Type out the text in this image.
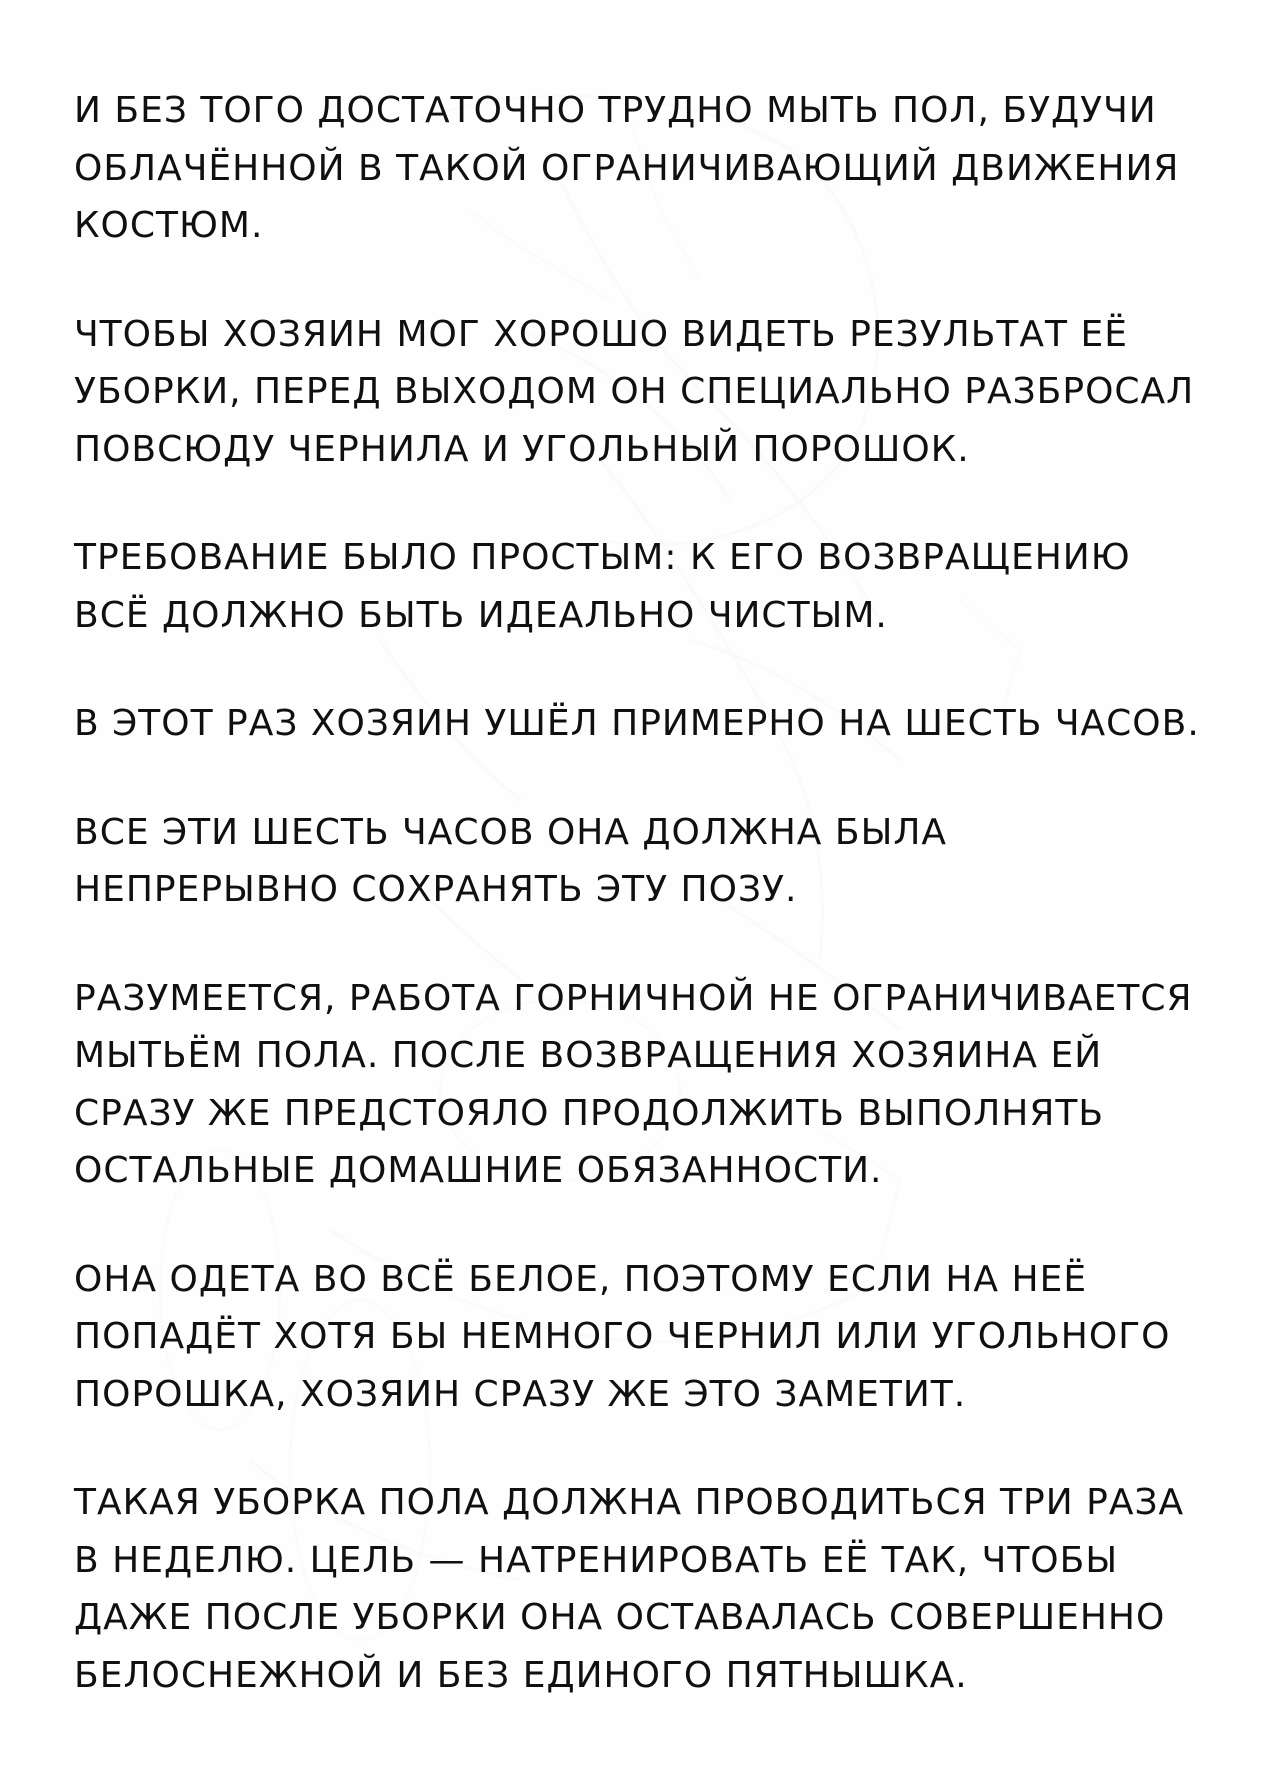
И БЕЗ ТОГО ДОСТАТОЧНО ТРУДНО МЫТЬ ПОЛ, БУДУЧИ ОБЛАЧЁННОЙ В ТАКОЙ ОГРАНИЧИВАЮЩИЙ ДВИЖЕНИЯ КОСТЮМ.

ЧТОБЫ ХОЗЯИН МОГ ХОРОШО ВИДЕТЬ РЕЗУЛЬТАТ ЕЁ УБОРКИ, ПЕРЕД ВЫХОДОМ ОН СПЕЦИАЛЬНО РАЗБРОСАЛ ПОВСЮДУ ЧЕРНИЛА И УГОЛЬНЫЙ ПОРОШОК.

ТРЕБОВАНИЕ БЫЛО ПРОСТЫМ: К ЕГО ВОЗВРАЩЕНИЮ ВСЁ ДОЛЖНО БЫТЬ ИДЕАЛЬНО ЧИСТЫМ.

В ЭТОТ РАЗ ХОЗЯИН УШЁЛ ПРИМЕРНО НА ШЕСТЬ ЧАСОВ.

ВСЕ ЭТИ ШЕСТЬ ЧАСОВ ОНА ДОЛЖНА БЫЛА НЕПРЕРЫВНО СОХРАНЯТЬ ЭТУ ПОЗУ.

РАЗУМЕЕТСЯ, РАБОТА ГОРНИЧНОЙ НЕ ОГРАНИЧИВАЕТСЯ МЫТЬЁМ ПОЛА. ПОСЛЕ ВОЗВРАЩЕНИЯ ХОЗЯИНА ЕЙ СРАЗУ ЖЕ ПРЕДСТОЯЛО ПРОДОЛЖИТЬ ВЫПОЛНЯТЬ ОСТАЛЬНЫЕ ДОМАШНИЕ ОБЯЗАННОСТИ.

ОНА ОДЕТА ВО ВСЁ БЕЛОЕ, ПОЭТОМУ ЕСЛИ НА НЕЁ ПОПАДЁТ ХОТЯ БЫ НЕМНОГО ЧЕРНИЛ ИЛИ УГОЛЬНОГО ПОРОШКА, ХОЗЯИН СРАЗУ ЖЕ ЭТО ЗАМЕТИТ.

ТАКАЯ УБОРКА ПОЛА ДОЛЖНА ПРОВОДИТЬСЯ ТРИ РАЗА В НЕДЕЛЮ. ЦЕЛЬ — НАТРЕНИРОВАТЬ ЕЁ ТАК, ЧТОБЫ ДАЖЕ ПОСЛЕ УБОРКИ ОНА ОСТАВАЛАСЬ СОВЕРШЕННО БЕЛОСНЕЖНОЙ И БЕЗ ЕДИНОГО ПЯТНЫШКА.
